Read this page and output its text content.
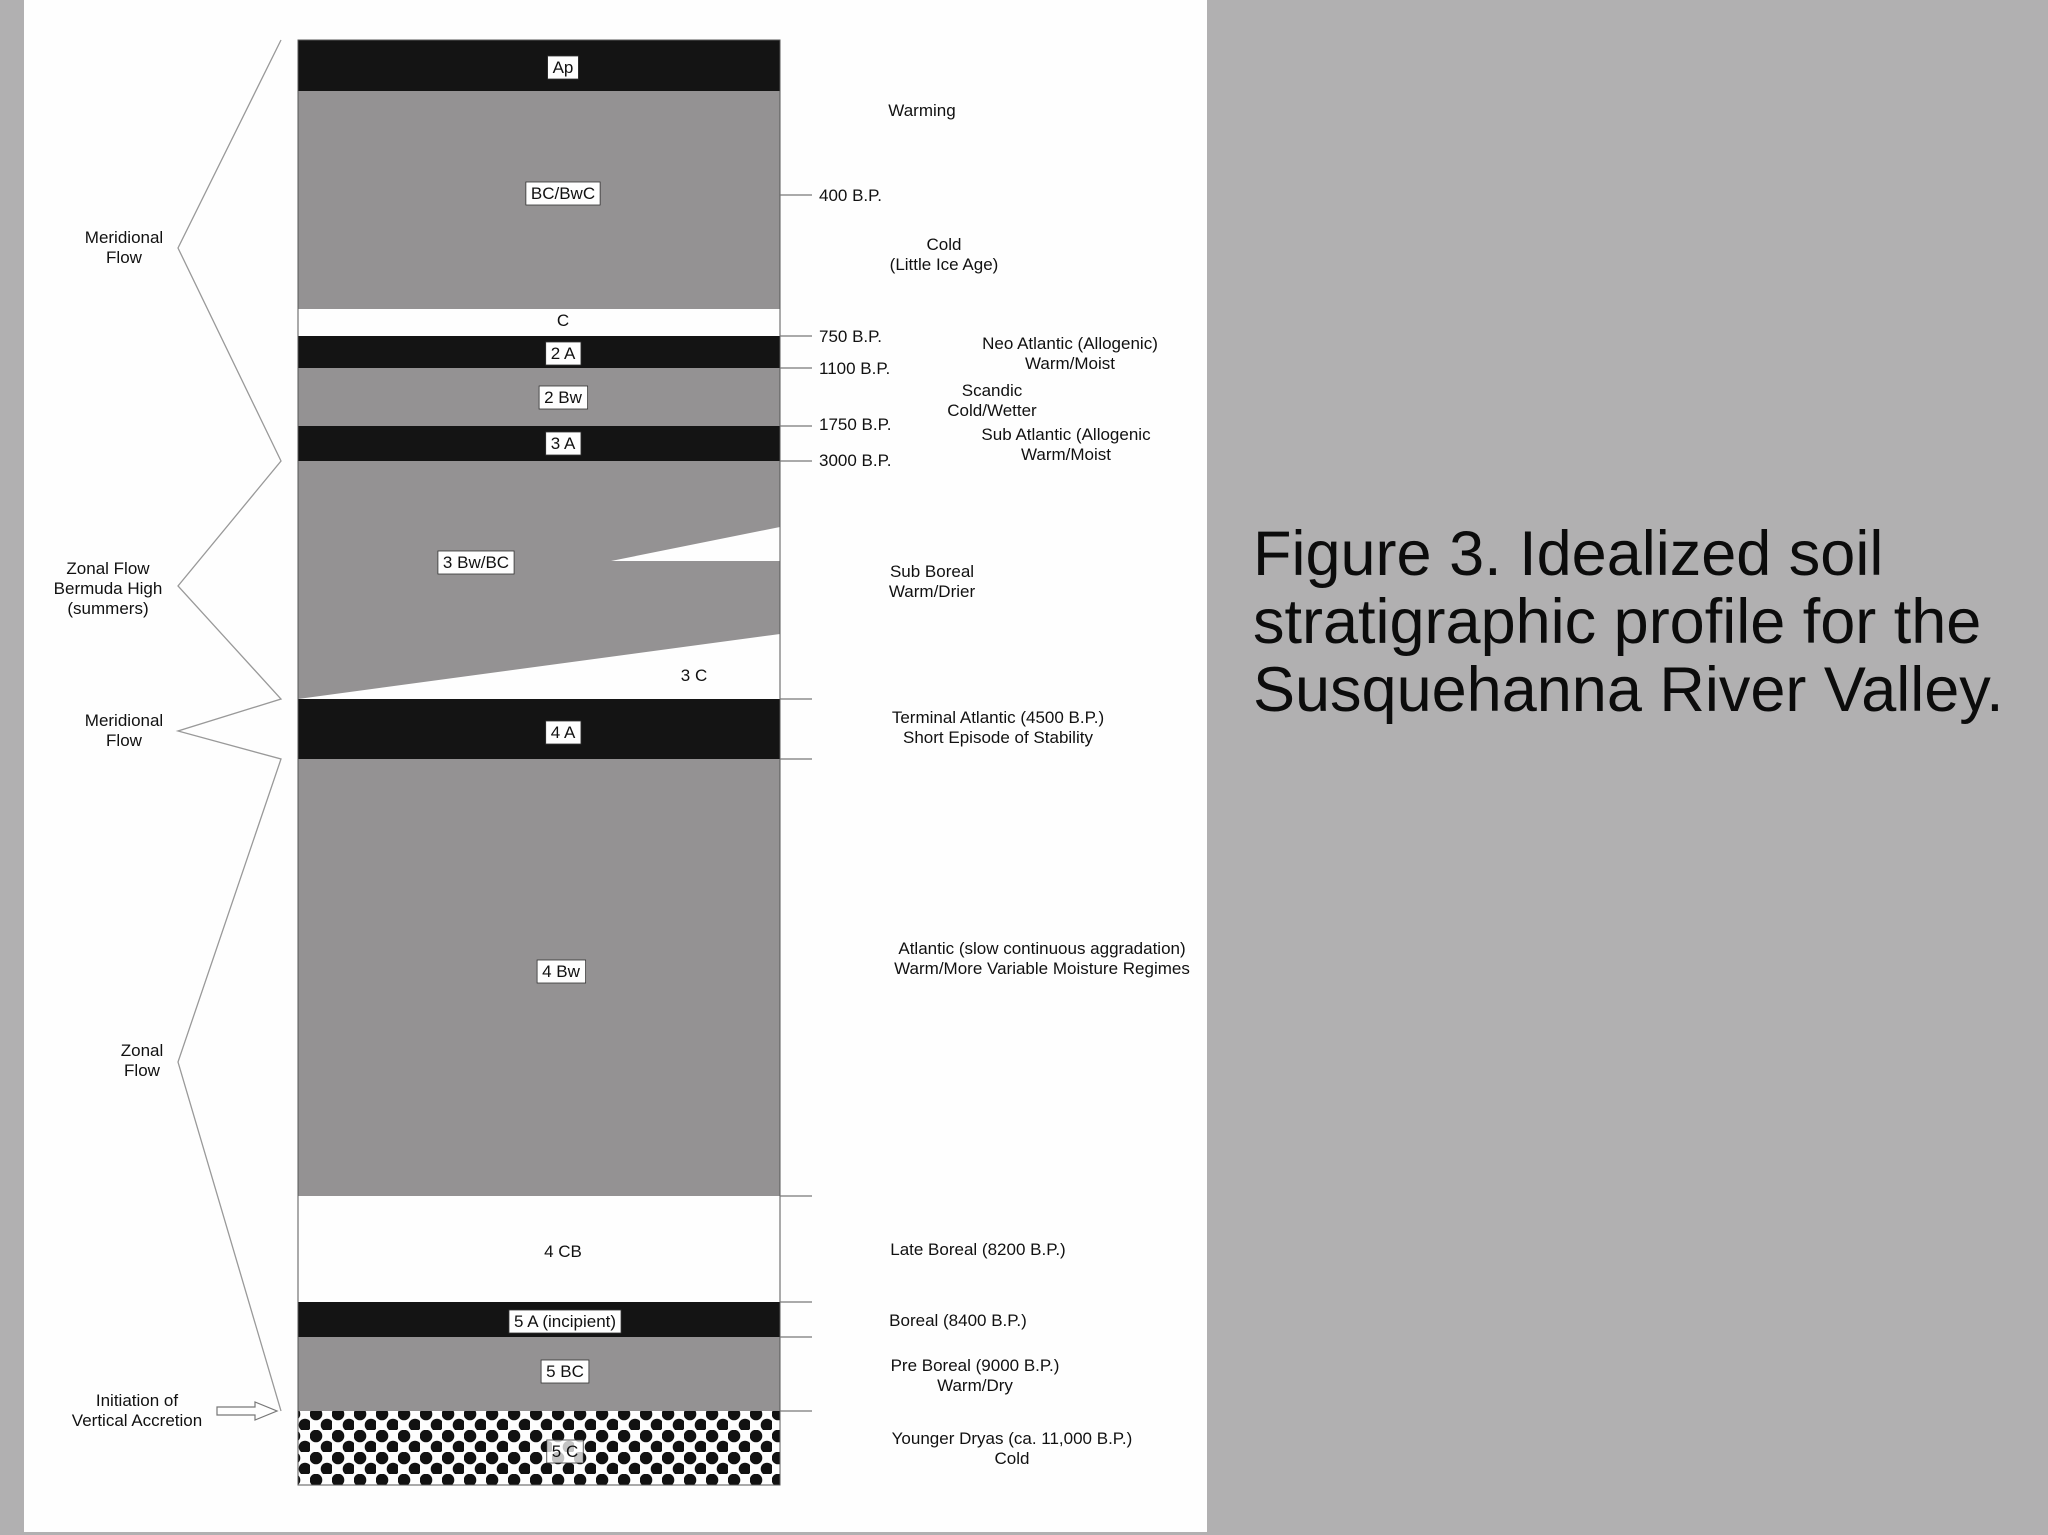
Ap
BC/BwC
C
2 A
2 Bw
3 A
3 Bw/BC
3 C
4 A
4 Bw
4 CB
5 A (incipient)
5 BC
5 C
400 B.P.
750 B.P.
1100 B.P.
1750 B.P.
3000 B.P.
Warming
Cold
(Little Ice Age)
Neo Atlantic (Allogenic)
Warm/Moist
Scandic
Cold/Wetter
Sub Atlantic (Allogenic
Warm/Moist
Sub Boreal
Warm/Drier
Terminal Atlantic (4500 B.P.)
Short Episode of Stability
Atlantic (slow continuous aggradation)
Warm/More Variable Moisture Regimes
Late Boreal (8200 B.P.)
Boreal (8400 B.P.)
Pre Boreal (9000 B.P.)
Warm/Dry
Younger Dryas (ca. 11,000 B.P.)
Cold
Meridional
Flow
Zonal Flow
Bermuda High
(summers)
Meridional
Flow
Zonal
Flow
Initiation of
Vertical Accretion
Figure 3. Idealized soil stratigraphic profile for the Susquehanna River Valley.
